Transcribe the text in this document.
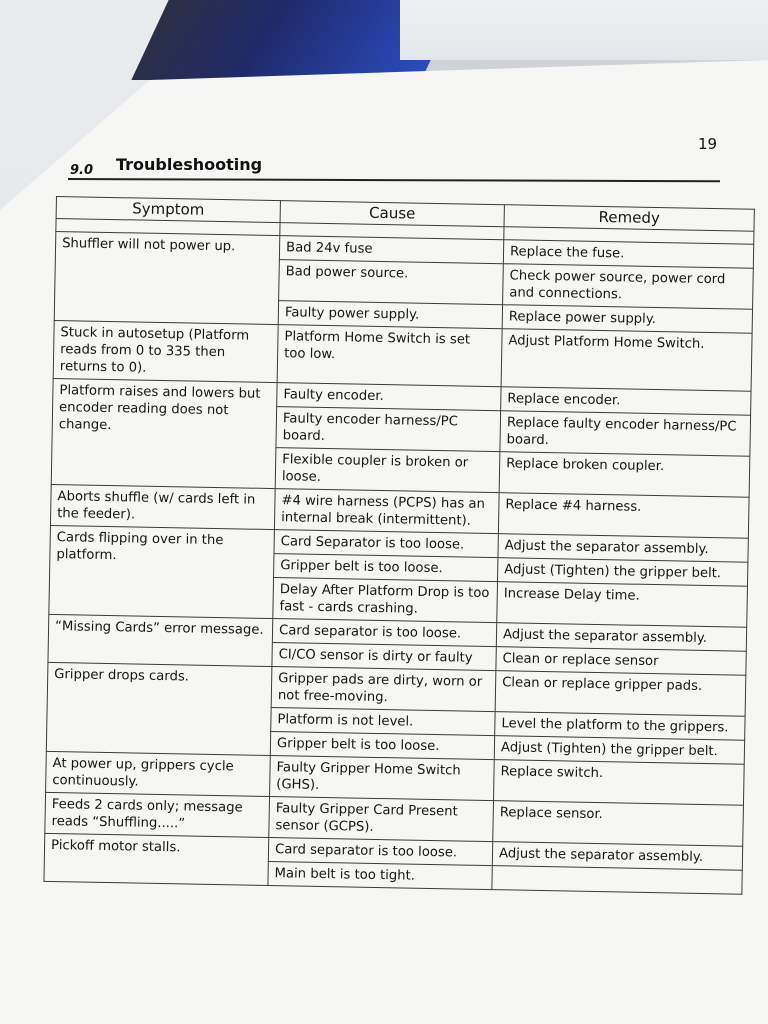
19
9.0 Troubleshooting
Symptom	Cause	Remedy

Shuffler will not power up.	Bad 24v fuse	Replace the fuse.
	Bad power source.	Check power source, power cord and connections.
	Faulty power supply.	Replace power supply.
Stuck in autosetup (Platform reads from 0 to 335 then returns to 0).	Platform Home Switch is set too low.	Adjust Platform Home Switch.
Platform raises and lowers but encoder reading does not change.	Faulty encoder.	Replace encoder.
	Faulty encoder harness/PC board.	Replace faulty encoder harness/PC board.
	Flexible coupler is broken or loose.	Replace broken coupler.
Aborts shuffle (w/ cards left in the feeder).	#4 wire harness (PCPS) has an internal break (intermittent).	Replace #4 harness.
Cards flipping over in the platform.	Card Separator is too loose.	Adjust the separator assembly.
	Gripper belt is too loose.	Adjust (Tighten) the gripper belt.
	Delay After Platform Drop is too fast - cards crashing.	Increase Delay time.
“Missing Cards” error message.	Card separator is too loose.	Adjust the separator assembly.
	CI/CO sensor is dirty or faulty	Clean or replace sensor
Gripper drops cards.	Gripper pads are dirty, worn or not free-moving.	Clean or replace gripper pads.
	Platform is not level.	Level the platform to the grippers.
	Gripper belt is too loose.	Adjust (Tighten) the gripper belt.
At power up, grippers cycle continuously.	Faulty Gripper Home Switch (GHS).	Replace switch.
Feeds 2 cards only; message reads “Shuffling.....”	Faulty Gripper Card Present sensor (GCPS).	Replace sensor.
Pickoff motor stalls.	Card separator is too loose.	Adjust the separator assembly.
	Main belt is too tight.	
